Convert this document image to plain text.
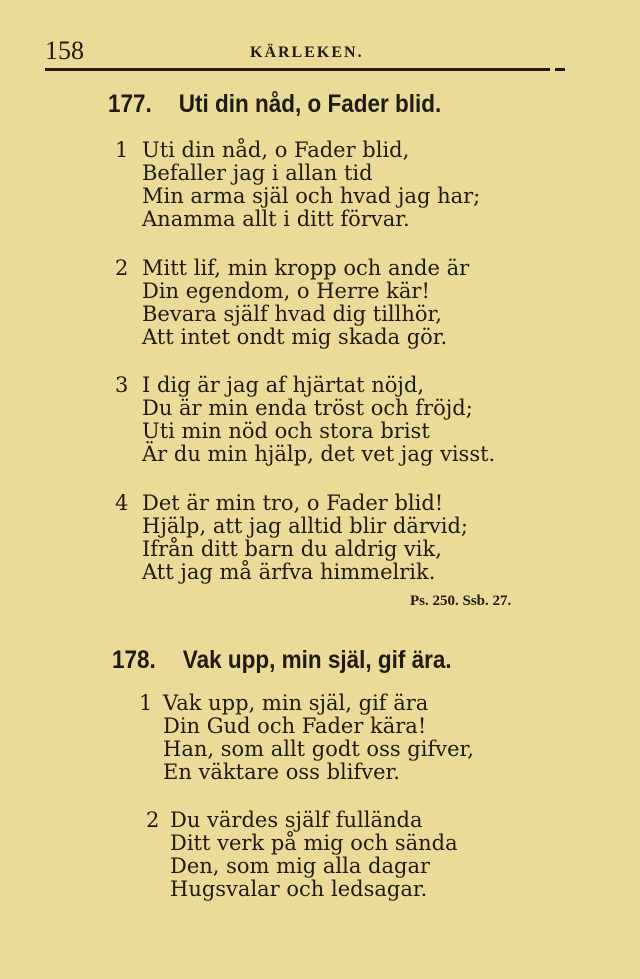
158	KÄRLEKEN.
177. Uti din nåd, o Fader blid.
1 Uti din nåd, o Fader blid,
Befaller jag i allan tid
Min arma själ och hvad jag har;
Anamma allt i ditt förvar.
2 Mitt lif, min kropp och ande är
Din egendom, o Herre kär!
Bevara själf hvad dig tillhör,
Att intet ondt mig skada gör.
3 I dig är jag af hjärtat nöjd,
Du är min enda tröst och fröjd;
Uti min nöd och stora brist
Är du min hjälp, det vet jag visst.
4 Det är min tro, o Fader blid!
Hjälp, att jag alltid blir därvid;
Ifrån ditt barn du aldrig vik,
Att jag må ärfva himmelrik.
Ps. 250. Ssb. 27.
178. Vak upp, min själ, gif ära.
1 Vak upp, min själ, gif ära
Din Gud och Fader kära!
Han, som allt godt oss gifver,
En väktare oss blifver.
2 Du värdes själf fullända
Ditt verk på mig och sända
Den, som mig alla dagar
Hugsvalar och ledsagar.
